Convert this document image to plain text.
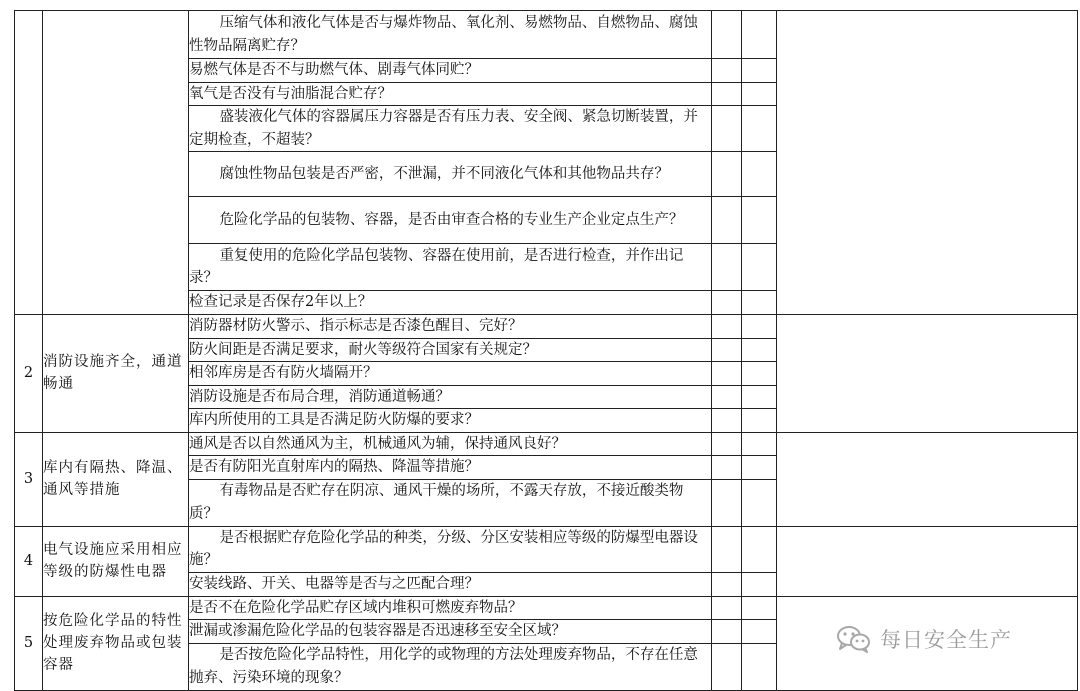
		压缩气体和液化气体是否与爆炸物品、氧化剂、易燃物品、自燃物品、腐蚀性物品隔离贮存？			

		易燃气体是否不与助燃气体、剧毒气体同贮？			
		氧气是否没有与油脂混合贮存？			

		盛装液化气体的容器属压力容器是否有压力表、安全阀、紧急切断装置，并定期检查，不超装？			

		腐蚀性物品包装是否严密，不泄漏，并不同液化气体和其他物品共存？			

		危险化学品的包装物、容器，是否由审查合格的专业生产企业定点生产？			

		重复使用的危险化学品包装物、容器在使用前，是否进行检查，并作出记录？			

		检查记录是否保存2年以上？			
2	消防设施齐全，通道畅通	消防器材防火警示、指示标志是否漆色醒目、完好？			
		防火间距是否满足要求，耐火等级符合国家有关规定？			
		相邻库房是否有防火墙隔开？			
		消防设施是否布局合理，消防通道畅通？			
		库内所使用的工具是否满足防火防爆的要求？			
3	库内有隔热、降温、通风等措施	通风是否以自然通风为主，机械通风为辅，保持通风良好？			
		是否有防阳光直射库内的隔热、降温等措施？			

		有毒物品是否贮存在阴凉、通风干燥的场所，不露天存放，不接近酸类物质？			

4	电气设施应采用相应等级的防爆性电器	是否根据贮存危险化学品的种类，分级、分区安装相应等级的防爆型电器设施？			

		安装线路、开关、电器等是否与之匹配合理？			
5	按危险化学品的特性处理废弃物品或包装容器	是否不在危险化学品贮存区域内堆积可燃废弃物品？			
		泄漏或渗漏危险化学品的包装容器是否迅速移至安全区域？			

		是否按危险化学品特性，用化学的或物理的方法处理废弃物品，不存在任意抛弃、污染环境的现象？			

每日安全生产
